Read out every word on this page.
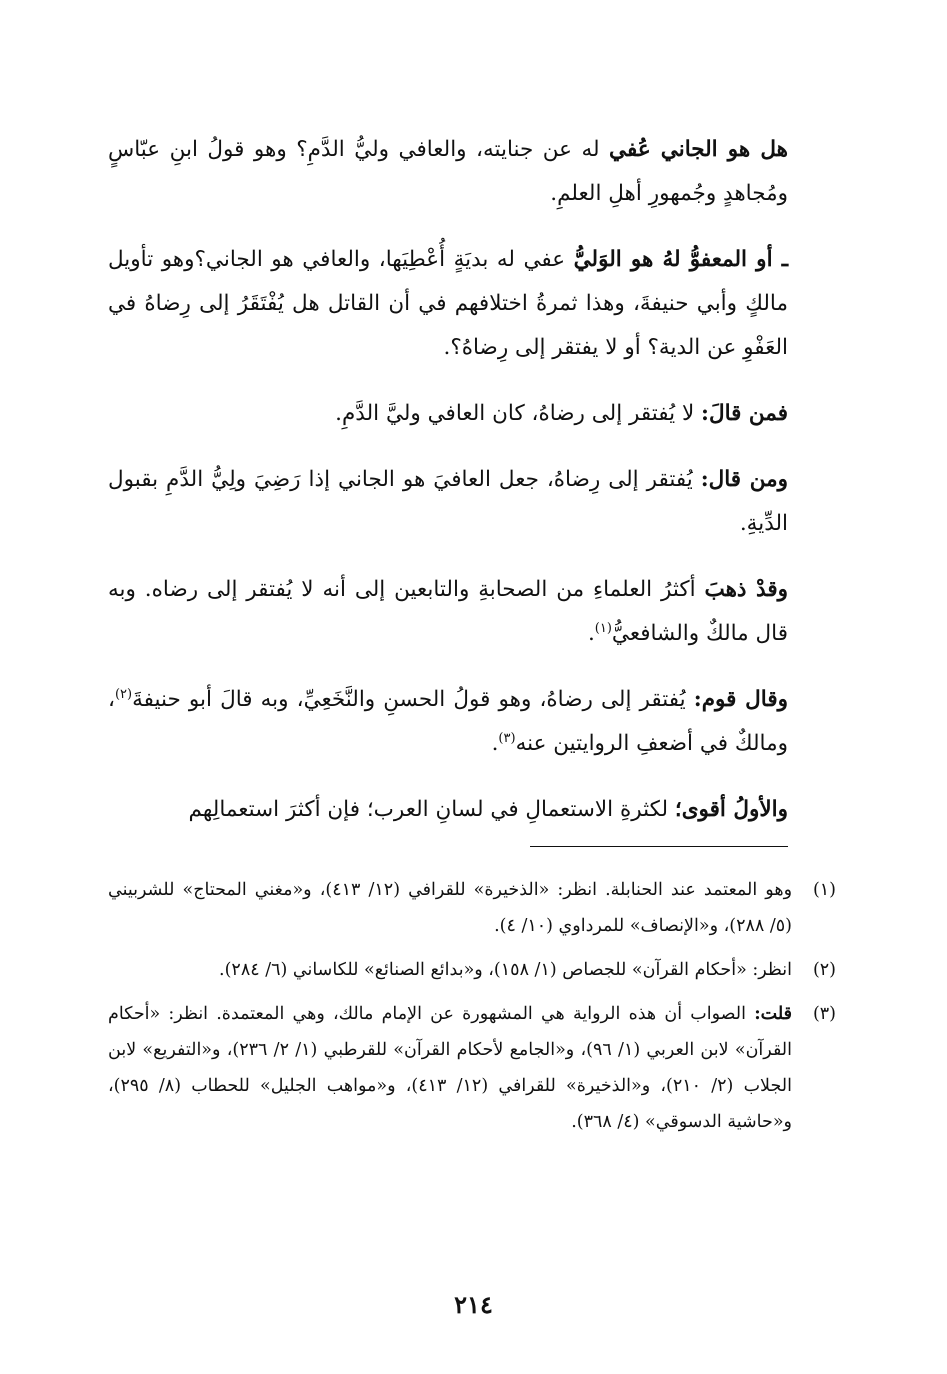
هل هو الجاني عُفي له عن جنايته، والعافي وليُّ الدَّمِ؟ وهو قولُ ابنِ عبّاسٍ ومُجاهدٍ وجُمهورِ أهلِ العلمِ.

ـ أو المعفوُّ لهُ هو الوَليُّ عفي له بديَةٍ أُعْطِيَها، والعافي هو الجاني؟وهو تأويل مالكٍ وأبي حنيفةَ، وهذا ثمرةُ اختلافهم في أن القاتل هل يُفْتَقَرُ إلى رِضاهُ في العَفْوِ عن الدية؟ أو لا يفتقر إلى رِضاهُ؟.

فمن قالَ: لا يُفتقر إلى رضاهُ، كان العافي وليَّ الدَّمِ.

ومن قال: يُفتقر إلى رِضاهُ، جعل العافيَ هو الجاني إذا رَضِيَ ولِيُّ الدَّمِ بقبول الدِّيةِ.

وقدْ ذهبَ أكثرُ العلماءِ من الصحابةِ والتابعين إلى أنه لا يُفتقر إلى رضاه. وبه قال مالكٌ والشافعيُّ$^{(١)}$.

وقال قوم: يُفتقر إلى رضاهُ، وهو قولُ الحسنِ والنَّخَعِيِّ، وبه قالَ أبو حنيفةَ$^{(٢)}$، ومالكٌ في أضعفِ الروايتين عنه$^{(٣)}$.

والأولُ أقوى؛ لكثرةِ الاستعمالِ في لسانِ العرب؛ فإن أكثرَ استعمالِهم

(١)
وهو المعتمد عند الحنابلة. انظر: «الذخيرة» للقرافي (١٢/ ٤١٣)، و«مغني المحتاج» للشربيني (٥/ ٢٨٨)، و«الإنصاف» للمرداوي (١٠/ ٤).
(٢)
انظر: «أحكام القرآن» للجصاص (١/ ١٥٨)، و«بدائع الصنائع» للكاساني (٦/ ٢٨٤).
(٣)
قلت: الصواب أن هذه الرواية هي المشهورة عن الإمام مالك، وهي المعتمدة. انظر: «أحكام القرآن» لابن العربي (١/ ٩٦)، و«الجامع لأحكام القرآن» للقرطبي (١/ ٢/ ٢٣٦)، و«التفريع» لابن الجلاب (٢/ ٢١٠)، و«الذخيرة» للقرافي (١٢/ ٤١٣)، و«مواهب الجليل» للحطاب (٨/ ٢٩٥)، و«حاشية الدسوقي» (٤/ ٣٦٨).
٢١٤
